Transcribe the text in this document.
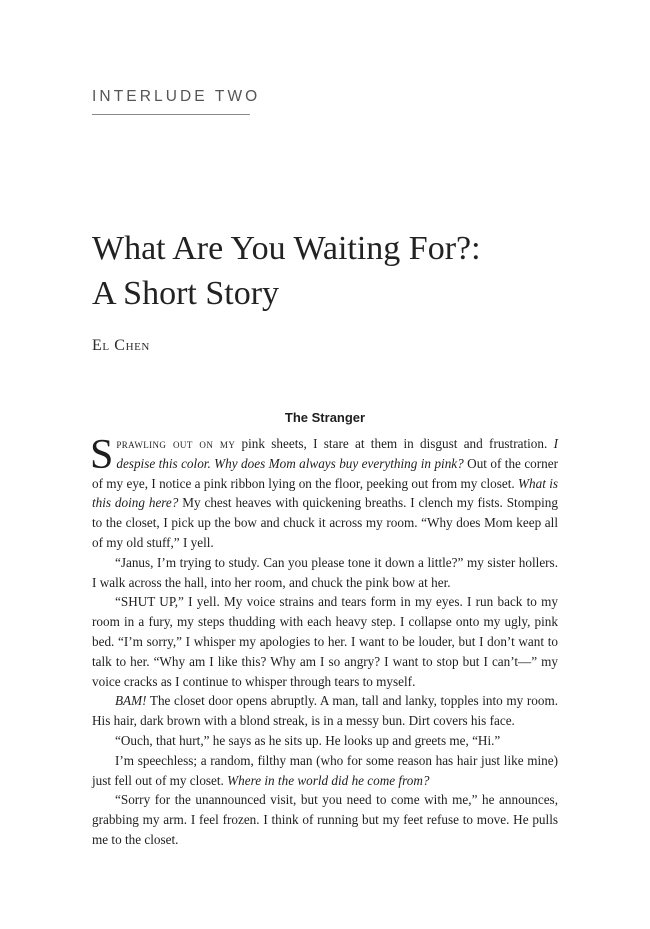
INTERLUDE TWO
What Are You Waiting For?:
A Short Story
El Chen
The Stranger

Sprawling out on my pink sheets, I stare at them in disgust and frustration. I despise this color. Why does Mom always buy everything in pink? Out of the corner of my eye, I notice a pink ribbon lying on the floor, peeking out from my closet. What is this doing here? My chest heaves with quickening breaths. I clench my fists. Stomping to the closet, I pick up the bow and chuck it across my room. “Why does Mom keep all of my old stuff,” I yell.

“Janus, I’m trying to study. Can you please tone it down a little?” my sister hollers. I walk across the hall, into her room, and chuck the pink bow at her.

“SHUT UP,” I yell. My voice strains and tears form in my eyes. I run back to my room in a fury, my steps thudding with each heavy step. I collapse onto my ugly, pink bed. “I’m sorry,” I whisper my apologies to her. I want to be louder, but I don’t want to talk to her. “Why am I like this? Why am I so angry? I want to stop but I can’t—” my voice cracks as I continue to whisper through tears to myself.

BAM! The closet door opens abruptly. A man, tall and lanky, topples into my room. His hair, dark brown with a blond streak, is in a messy bun. Dirt covers his face.

“Ouch, that hurt,” he says as he sits up. He looks up and greets me, “Hi.”

I’m speechless; a random, filthy man (who for some reason has hair just like mine) just fell out of my closet. Where in the world did he come from?

“Sorry for the unannounced visit, but you need to come with me,” he announces, grabbing my arm. I feel frozen. I think of running but my feet refuse to move. He pulls me to the closet.
